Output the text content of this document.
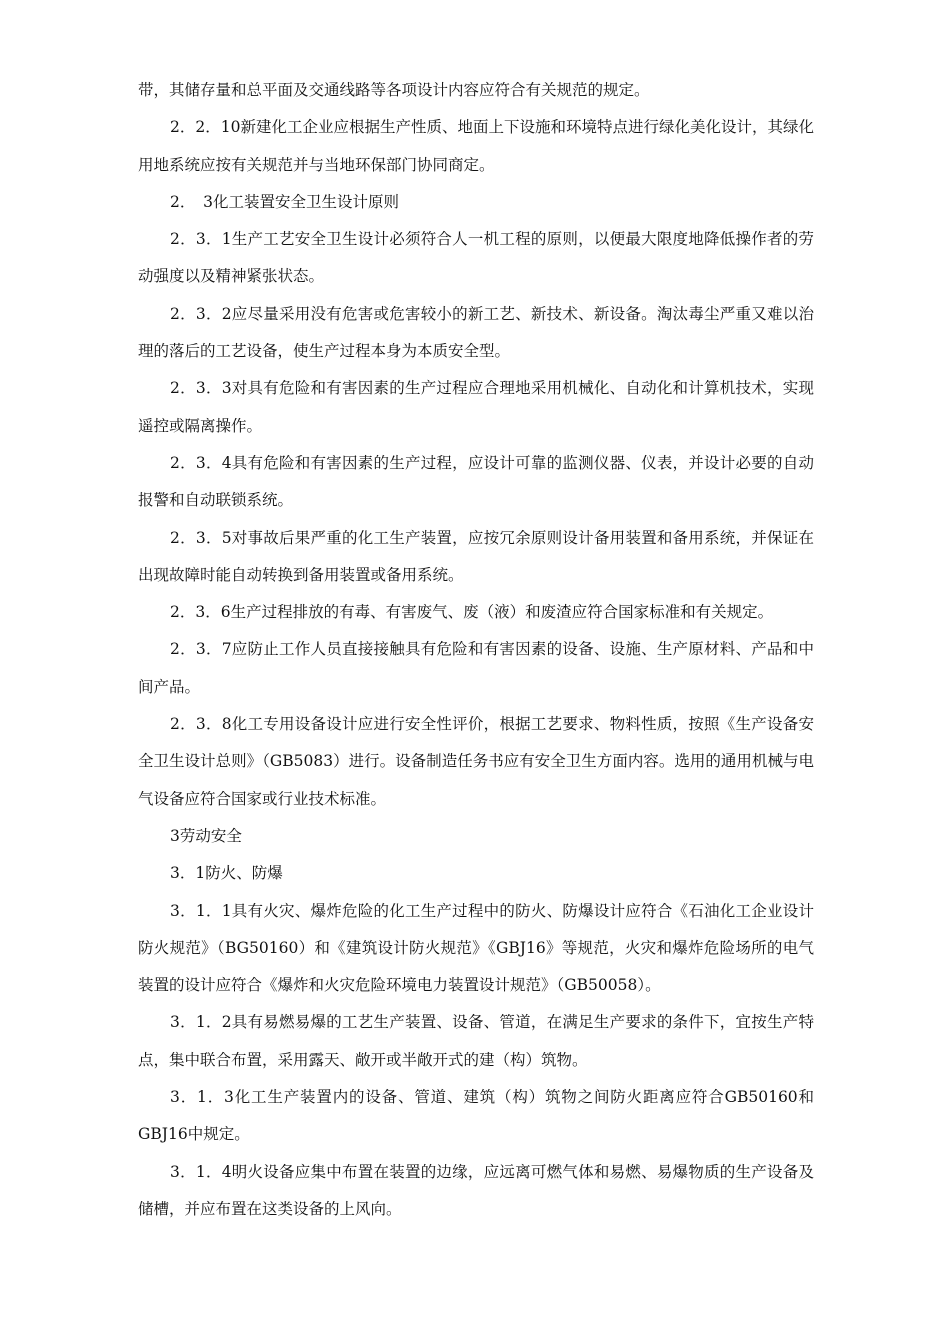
带，其储存量和总平面及交通线路等各项设计内容应符合有关规范的规定。

2．2．10新建化工企业应根据生产性质、地面上下设施和环境特点进行绿化美化设计，其绿化用地系统应按有关规范并与当地环保部门协同商定。

2．　3化工装置安全卫生设计原则

2．3．1生产工艺安全卫生设计必须符合人一机工程的原则，以便最大限度地降低操作者的劳动强度以及精神紧张状态。

2．3．2应尽量采用没有危害或危害较小的新工艺、新技术、新设备。淘汰毒尘严重又难以治理的落后的工艺设备，使生产过程本身为本质安全型。

2．3．3对具有危险和有害因素的生产过程应合理地采用机械化、自动化和计算机技术，实现遥控或隔离操作。

2．3．4具有危险和有害因素的生产过程，应设计可靠的监测仪器、仪表，并设计必要的自动报警和自动联锁系统。

2．3．5对事故后果严重的化工生产装置，应按冗余原则设计备用装置和备用系统，并保证在出现故障时能自动转换到备用装置或备用系统。

2．3．6生产过程排放的有毒、有害废气、废（液）和废渣应符合国家标准和有关规定。

2．3．7应防止工作人员直接接触具有危险和有害因素的设备、设施、生产原材料、产品和中间产品。

2．3．8化工专用设备设计应进行安全性评价，根据工艺要求、物料性质，按照《生产设备安全卫生设计总则》（GB5083）进行。设备制造任务书应有安全卫生方面内容。选用的通用机械与电气设备应符合国家或行业技术标准。

3劳动安全

3．1防火、防爆

3．1．1具有火灾、爆炸危险的化工生产过程中的防火、防爆设计应符合《石油化工企业设计防火规范》（BG50160）和《建筑设计防火规范》《GBJ16》等规范，火灾和爆炸危险场所的电气装置的设计应符合《爆炸和火灾危险环境电力装置设计规范》（GB50058）。

3．1．2具有易燃易爆的工艺生产装置、设备、管道，在满足生产要求的条件下，宜按生产特点，集中联合布置，采用露天、敞开或半敞开式的建（构）筑物。

3．1．3化工生产装置内的设备、管道、建筑（构）筑物之间防火距离应符合GB50160和GBJ16中规定。

3．1．4明火设备应集中布置在装置的边缘，应远离可燃气体和易燃、易爆物质的生产设备及储槽，并应布置在这类设备的上风向。
